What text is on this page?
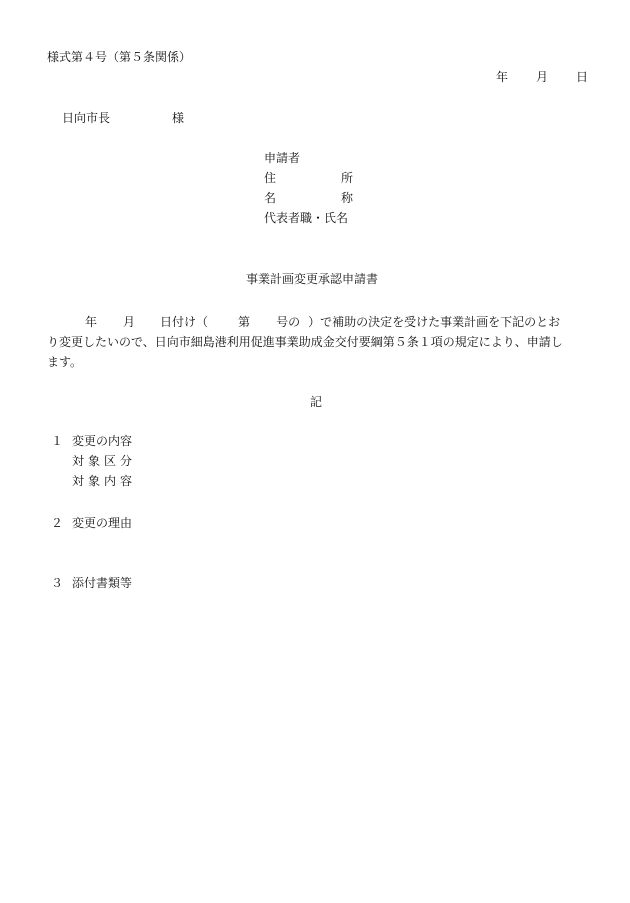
様式第４号（第５条関係）
年 月 日
日向市長	様
申請者
住	所
名	称
代表者職・氏名
事業計画変更承認申請書
年 月 日付け（	第 号の ）で補助の決定を受けた事業計画を下記のとお
り変更したいので、日向市細島港利用促進事業助成金交付要綱第５条１項の規定により、申請し
ます。
記
１ 変更の内容
対象区分
対象内容
２ 変更の理由
３ 添付書類等
